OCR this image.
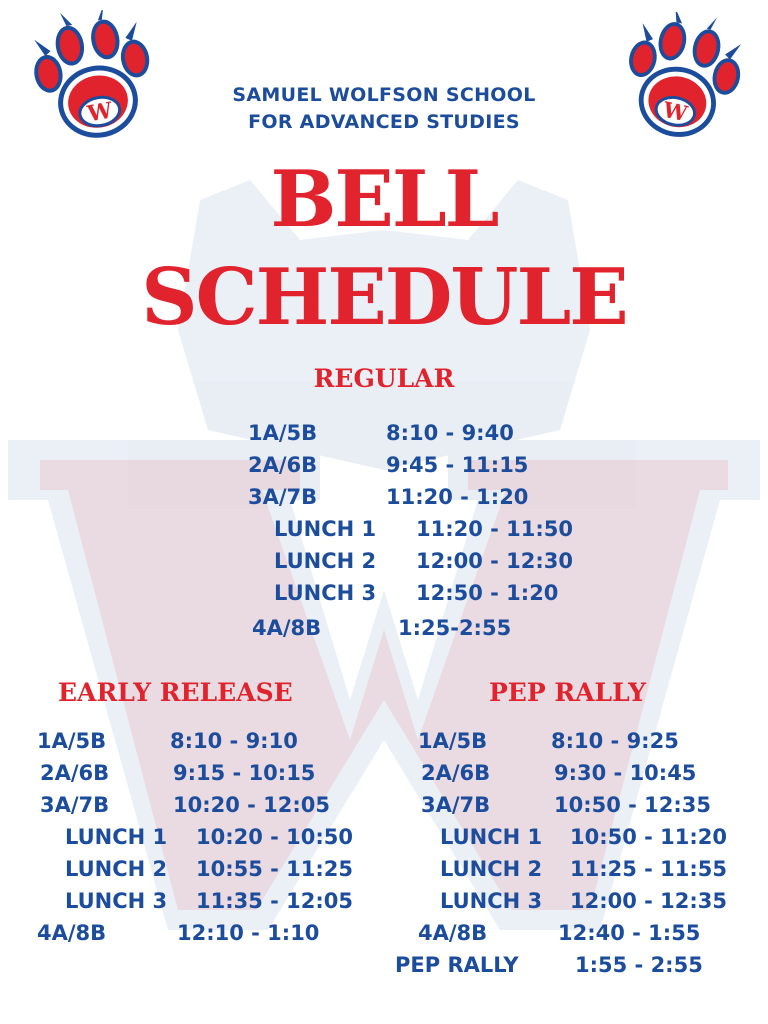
W	W
SAMUEL WOLFSON SCHOOL
FOR ADVANCED STUDIES
BELL
SCHEDULE
REGULAR
1A/5B	8:10 - 9:40
2A/6B	9:45 - 11:15
3A/7B	11:20 - 1:20
LUNCH 1 11:20 - 11:50
LUNCH 2 12:00 - 12:30
LUNCH 3 12:50 - 1:20
4A/8B	1:25-2:55
EARLY RELEASE
1A/5B	8:10 - 9:10
2A/6B	9:15 - 10:15
3A/7B	10:20 - 12:05
LUNCH 1 10:20 - 10:50
LUNCH 2 10:55 - 11:25
LUNCH 3 11:35 - 12:05
4A/8B	12:10 - 1:10
PEP RALLY
1A/5B	8:10 - 9:25
2A/6B	9:30 - 10:45
3A/7B	10:50 - 12:35
LUNCH 1 10:50 - 11:20
LUNCH 2 11:25 - 11:55
LUNCH 3 12:00 - 12:35
4A/8B	12:40 - 1:55
PEP RALLY	1:55 - 2:55
